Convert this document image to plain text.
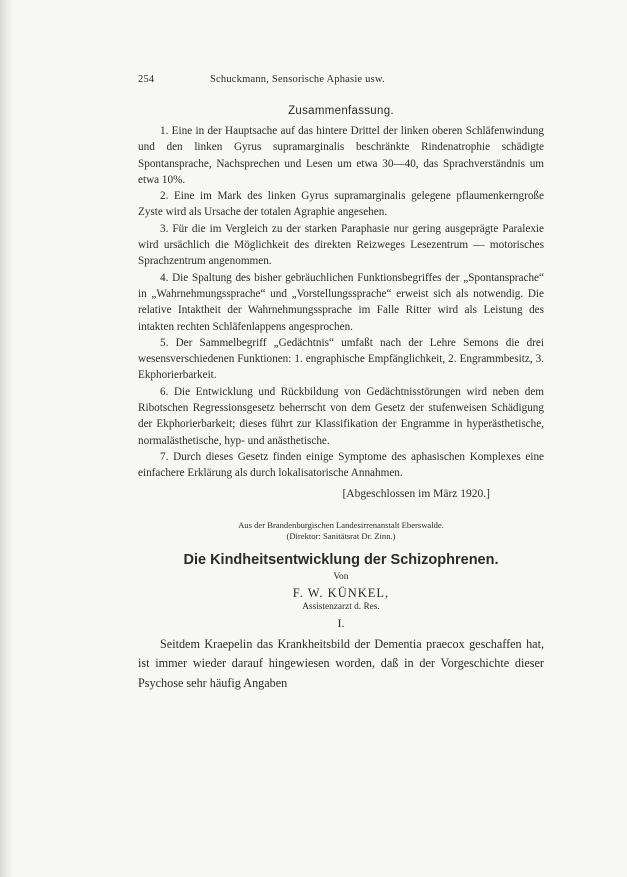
254	Schuckmann, Sensorische Aphasie usw.
Zusammenfassung.

1. Eine in der Hauptsache auf das hintere Drittel der linken oberen Schläfenwindung und den linken Gyrus supramarginalis beschränkte Rindenatrophie schädigte Spontansprache, Nachsprechen und Lesen um etwa 30—40, das Sprachverständnis um etwa 10%.

2. Eine im Mark des linken Gyrus supramarginalis gelegene pflaumenkerngroße Zyste wird als Ursache der totalen Agraphie angesehen.

3. Für die im Vergleich zu der starken Paraphasie nur gering ausgeprägte Paralexie wird ursächlich die Möglichkeit des direkten Reizweges Lesezentrum — motorisches Sprachzentrum angenommen.

4. Die Spaltung des bisher gebräuchlichen Funktionsbegriffes der „Spontansprache“ in „Wahrnehmungssprache“ und „Vorstellungssprache“ erweist sich als notwendig. Die relative Intaktheit der Wahrnehmungssprache im Falle Ritter wird als Leistung des intakten rechten Schläfenlappens angesprochen.

5. Der Sammelbegriff „Gedächtnis“ umfaßt nach der Lehre Semons die drei wesensverschiedenen Funktionen: 1. engraphische Empfänglichkeit, 2. Engrammbesitz, 3. Ekphorierbarkeit.

6. Die Entwicklung und Rückbildung von Gedächtnisstörungen wird neben dem Ribotschen Regressionsgesetz beherrscht von dem Gesetz der stufenweisen Schädigung der Ekphorierbarkeit; dieses führt zur Klassifikation der Engramme in hyperästhetische, normalästhetische, hyp- und anästhetische.

7. Durch dieses Gesetz finden einige Symptome des aphasischen Komplexes eine einfachere Erklärung als durch lokalisatorische Annahmen.

[Abgeschlossen im März 1920.]
Aus der Brandenburgischen Landesirrenanstalt Eberswalde.
(Direktor: Sanitätsrat Dr. Zinn.)
Die Kindheitsentwicklung der Schizophrenen.
Von
F. W. KÜNKEL,
Assistenzarzt d. Res.
I.

Seitdem Kraepelin das Krankheitsbild der Dementia praecox geschaffen hat, ist immer wieder darauf hingewiesen worden, daß in der Vorgeschichte dieser Psychose sehr häufig Angaben
